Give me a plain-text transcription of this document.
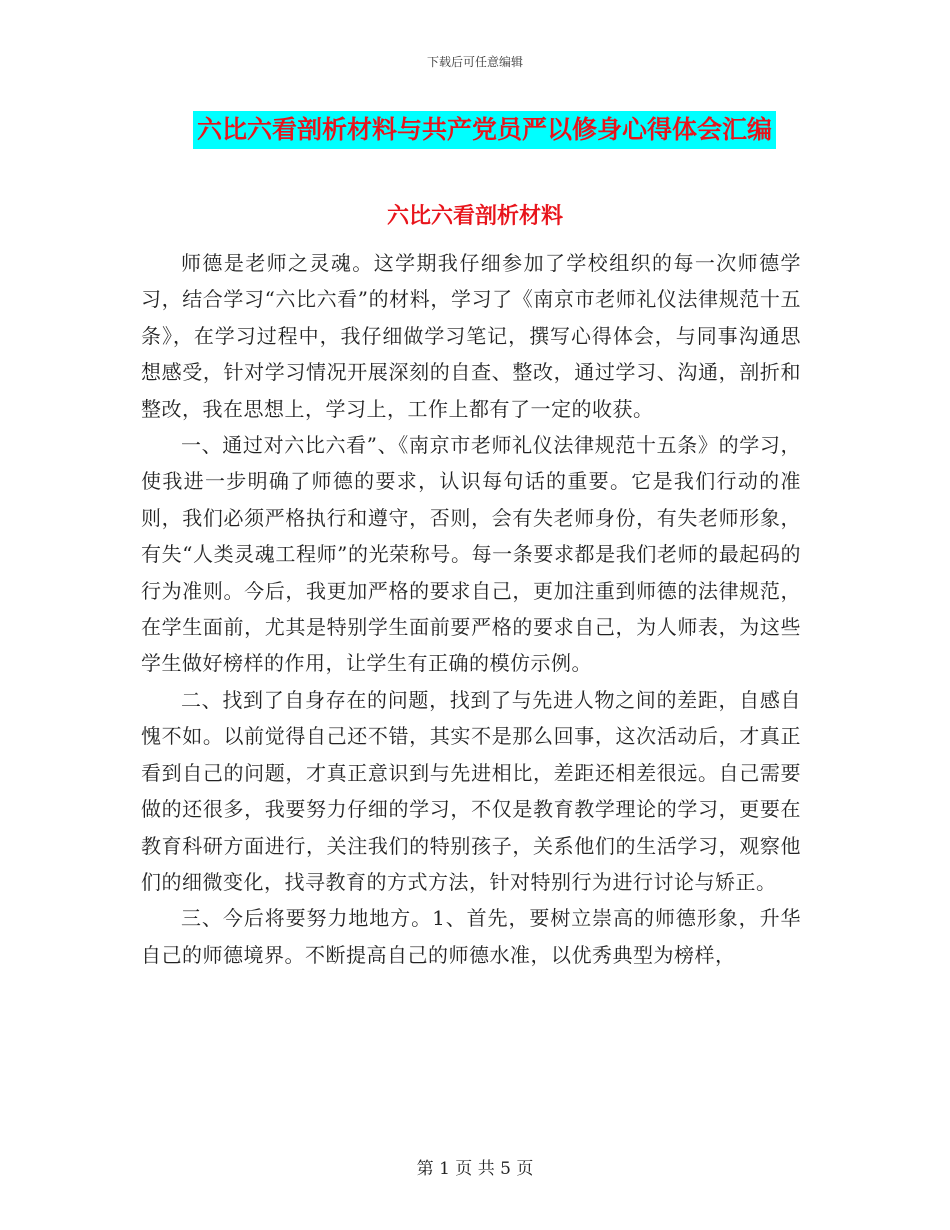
下载后可任意编辑
六比六看剖析材料与共产党员严以修身心得体会汇编
六比六看剖析材料

师德是老师之灵魂。这学期我仔细参加了学校组织的每一次师德学习，结合学习“六比六看”的材料，学习了《南京市老师礼仪法律规范十五条》，在学习过程中，我仔细做学习笔记，撰写心得体会，与同事沟通思想感受，针对学习情况开展深刻的自查、整改，通过学习、沟通，剖折和整改，我在思想上，学习上，工作上都有了一定的收获。

一、通过对六比六看”、《南京市老师礼仪法律规范十五条》的学习，使我进一步明确了师德的要求，认识每句话的重要。它是我们行动的准则，我们必须严格执行和遵守，否则，会有失老师身份，有失老师形象，有失“人类灵魂工程师”的光荣称号。每一条要求都是我们老师的最起码的行为准则。今后，我更加严格的要求自己，更加注重到师德的法律规范，在学生面前，尤其是特别学生面前要严格的要求自己，为人师表，为这些学生做好榜样的作用，让学生有正确的模仿示例。

二、找到了自身存在的问题，找到了与先进人物之间的差距，自感自愧不如。以前觉得自己还不错，其实不是那么回事，这次活动后，才真正看到自己的问题，才真正意识到与先进相比，差距还相差很远。自己需要做的还很多，我要努力仔细的学习，不仅是教育教学理论的学习，更要在教育科研方面进行，关注我们的特别孩子，关系他们的生活学习，观察他们的细微变化，找寻教育的方式方法，针对特别行为进行讨论与矫正。

三、今后将要努力地地方。1、首先，要树立崇高的师德形象，升华自己的师德境界。不断提高自己的师德水准，以优秀典型为榜样，

第 1 页 共 5 页
